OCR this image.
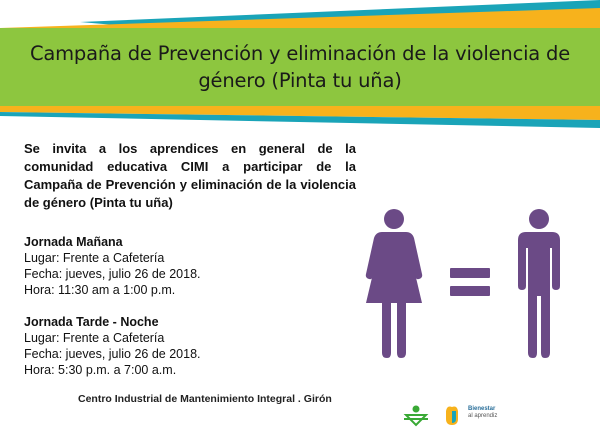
Campaña de Prevención y eliminación de la violencia de género (Pinta tu uña)
Se invita a los aprendices en general de la comunidad educativa CIMI a participar de la Campaña de Prevención y eliminación de la violencia de género (Pinta tu uña)
Jornada Mañana
Lugar: Frente a Cafetería
Fecha: jueves, julio 26 de 2018.
Hora: 11:30 am a 1:00 p.m.
Jornada Tarde - Noche
Lugar: Frente a Cafetería
Fecha: jueves, julio 26 de 2018.
Hora: 5:30 p.m. a 7:00 a.m.
Centro Industrial de Mantenimiento Integral . Girón
Bienestar
al aprendiz
